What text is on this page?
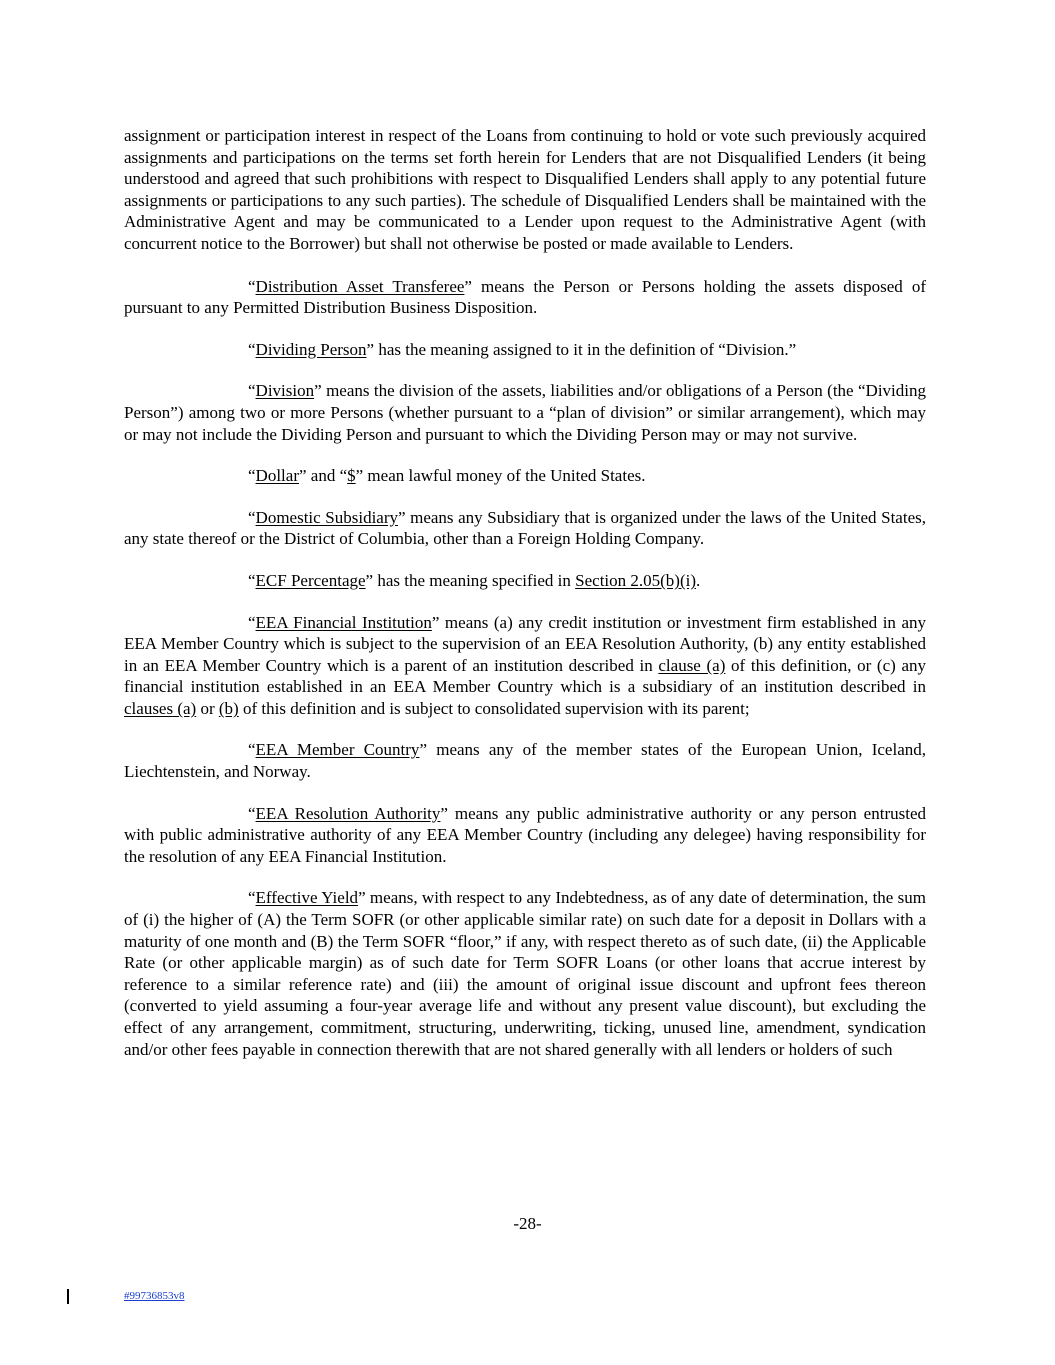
assignment or participation interest in respect of the Loans from continuing to hold or vote such previously acquired assignments and participations on the terms set forth herein for Lenders that are not Disqualified Lenders (it being understood and agreed that such prohibitions with respect to Disqualified Lenders shall apply to any potential future assignments or participations to any such parties). The schedule of Disqualified Lenders shall be maintained with the Administrative Agent and may be communicated to a Lender upon request to the Administrative Agent (with concurrent notice to the Borrower) but shall not otherwise be posted or made available to Lenders.

“Distribution Asset Transferee” means the Person or Persons holding the assets disposed of pursuant to any Permitted Distribution Business Disposition.

“Dividing Person” has the meaning assigned to it in the definition of “Division.”

“Division” means the division of the assets, liabilities and/or obligations of a Person (the “Dividing Person”) among two or more Persons (whether pursuant to a “plan of division” or similar arrangement), which may or may not include the Dividing Person and pursuant to which the Dividing Person may or may not survive.

“Dollar” and “$” mean lawful money of the United States.

“Domestic Subsidiary” means any Subsidiary that is organized under the laws of the United States, any state thereof or the District of Columbia, other than a Foreign Holding Company.

“ECF Percentage” has the meaning specified in Section 2.05(b)(i).

“EEA Financial Institution” means (a) any credit institution or investment firm established in any EEA Member Country which is subject to the supervision of an EEA Resolution Authority, (b) any entity established in an EEA Member Country which is a parent of an institution described in clause (a) of this definition, or (c) any financial institution established in an EEA Member Country which is a subsidiary of an institution described in clauses (a) or (b) of this definition and is subject to consolidated supervision with its parent;

“EEA Member Country” means any of the member states of the European Union, Iceland, Liechtenstein, and Norway.

“EEA Resolution Authority” means any public administrative authority or any person entrusted with public administrative authority of any EEA Member Country (including any delegee) having responsibility for the resolution of any EEA Financial Institution.

“Effective Yield” means, with respect to any Indebtedness, as of any date of determination, the sum of (i) the higher of (A) the Term SOFR (or other applicable similar rate) on such date for a deposit in Dollars with a maturity of one month and (B) the Term SOFR “floor,” if any, with respect thereto as of such date, (ii) the Applicable Rate (or other applicable margin) as of such date for Term SOFR Loans (or other loans that accrue interest by reference to a similar reference rate) and (iii) the amount of original issue discount and upfront fees thereon (converted to yield assuming a four-year average life and without any present value discount), but excluding the effect of any arrangement, commitment, structuring, underwriting, ticking, unused line, amendment, syndication and/or other fees payable in connection therewith that are not shared generally with all lenders or holders of such

-28-
#99736853v8
